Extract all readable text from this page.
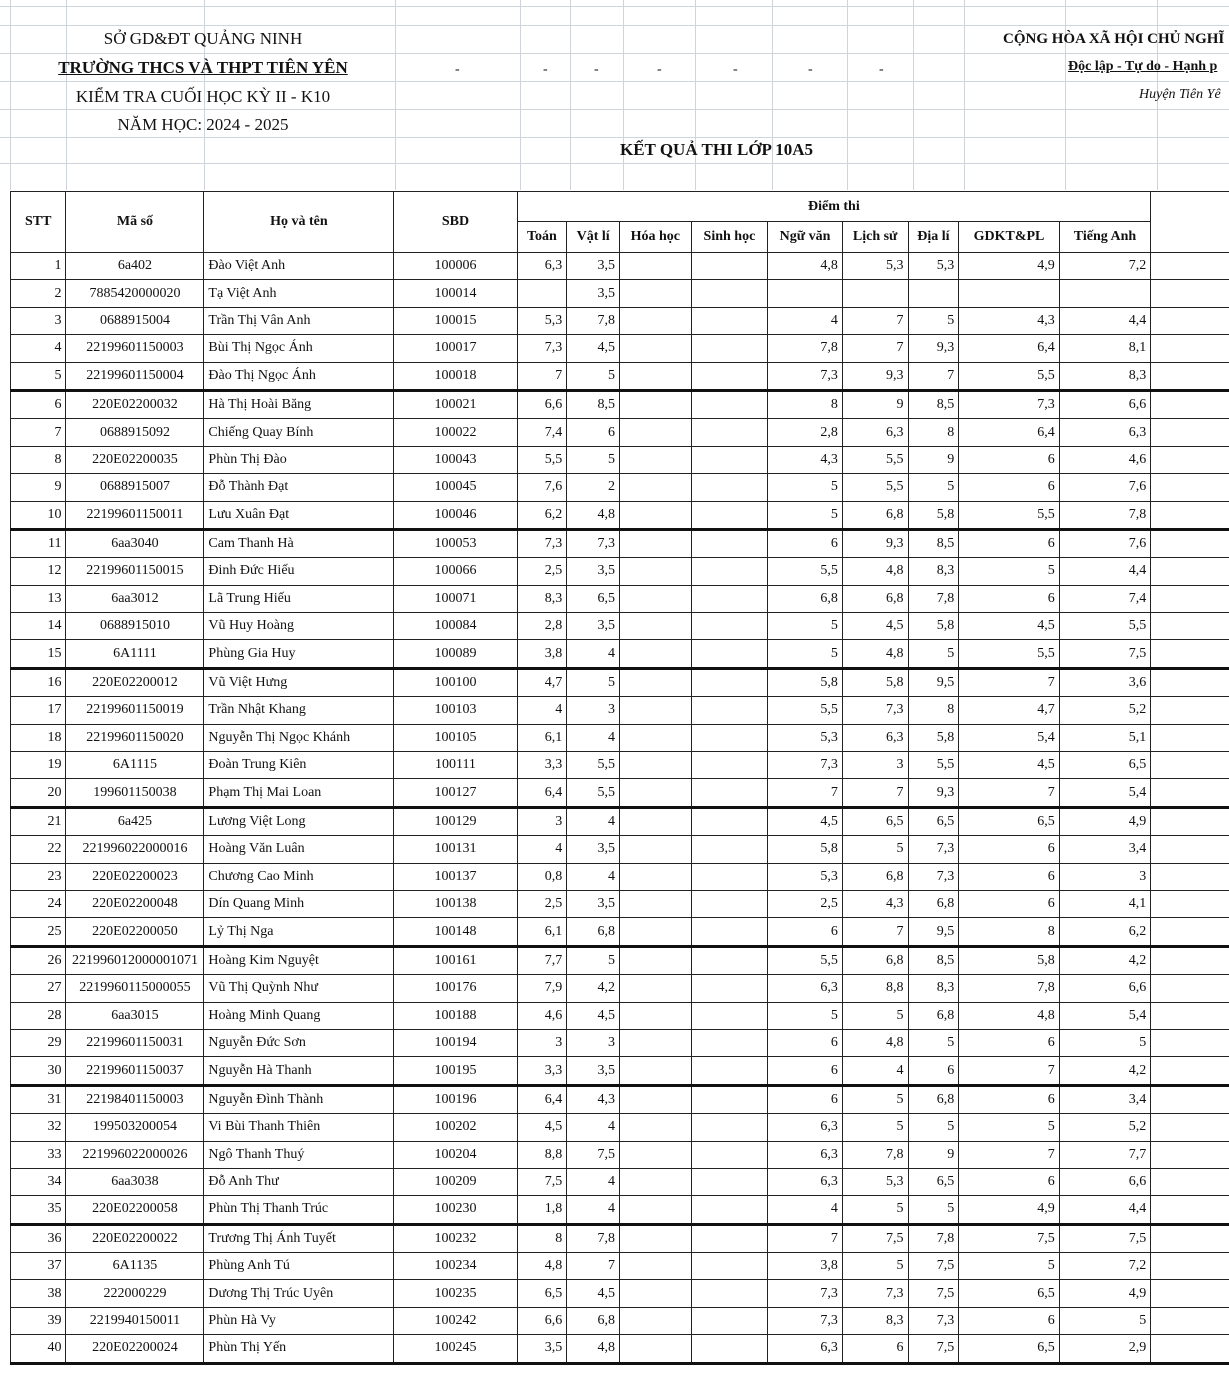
SỞ GD&ĐT QUẢNG NINH
TRƯỜNG THCS VÀ THPT TIÊN YÊN
KIỂM TRA CUỐI HỌC KỲ II - K10
NĂM HỌC: 2024 - 2025
CỘNG HÒA XÃ HỘI CHỦ NGHĨ
Độc lập - Tự do - Hạnh p
Huyện Tiên Yê
-	-	-	-	-	-	-
KẾT QUẢ THI LỚP 10A5
STT	Mã số	Họ và tên	SBD	Điểm thi									
				Toán	Vật lí	Hóa học	Sinh học	Ngữ văn	Lịch sử	Địa lí	GDKT&PL	Tiếng Anh	
1	6a402	Đào Việt Anh	100006	6,3	3,5			4,8	5,3	5,3	4,9	7,2	
2	7885420000020	Tạ Việt Anh	100014		3,5								
3	0688915004	Trần Thị Vân Anh	100015	5,3	7,8			4	7	5	4,3	4,4	
4	22199601150003	Bùi Thị Ngọc Ánh	100017	7,3	4,5			7,8	7	9,3	6,4	8,1	
5	22199601150004	Đào Thị Ngọc Ánh	100018	7	5			7,3	9,3	7	5,5	8,3	
6	220E02200032	Hà Thị Hoài Băng	100021	6,6	8,5			8	9	8,5	7,3	6,6	
7	0688915092	Chiếng Quay Bính	100022	7,4	6			2,8	6,3	8	6,4	6,3	
8	220E02200035	Phùn Thị Đào	100043	5,5	5			4,3	5,5	9	6	4,6	
9	0688915007	Đỗ Thành Đạt	100045	7,6	2			5	5,5	5	6	7,6	
10	22199601150011	Lưu Xuân Đạt	100046	6,2	4,8			5	6,8	5,8	5,5	7,8	
11	6aa3040	Cam Thanh Hà	100053	7,3	7,3			6	9,3	8,5	6	7,6	
12	22199601150015	Đinh Đức Hiếu	100066	2,5	3,5			5,5	4,8	8,3	5	4,4	
13	6aa3012	Lã Trung Hiếu	100071	8,3	6,5			6,8	6,8	7,8	6	7,4	
14	0688915010	Vũ Huy Hoàng	100084	2,8	3,5			5	4,5	5,8	4,5	5,5	
15	6A1111	Phùng Gia Huy	100089	3,8	4			5	4,8	5	5,5	7,5	
16	220E02200012	Vũ Việt Hưng	100100	4,7	5			5,8	5,8	9,5	7	3,6	
17	22199601150019	Trần Nhật Khang	100103	4	3			5,5	7,3	8	4,7	5,2	
18	22199601150020	Nguyễn Thị Ngọc Khánh	100105	6,1	4			5,3	6,3	5,8	5,4	5,1	
19	6A1115	Đoàn Trung Kiên	100111	3,3	5,5			7,3	3	5,5	4,5	6,5	
20	199601150038	Phạm Thị Mai Loan	100127	6,4	5,5			7	7	9,3	7	5,4	
21	6a425	Lương Việt Long	100129	3	4			4,5	6,5	6,5	6,5	4,9	
22	221996022000016	Hoàng Văn Luân	100131	4	3,5			5,8	5	7,3	6	3,4	
23	220E02200023	Chương Cao Minh	100137	0,8	4			5,3	6,8	7,3	6	3	
24	220E02200048	Dín Quang Minh	100138	2,5	3,5			2,5	4,3	6,8	6	4,1	
25	220E02200050	Lỷ Thị Nga	100148	6,1	6,8			6	7	9,5	8	6,2	
26	221996012000001071	Hoàng Kim Nguyệt	100161	7,7	5			5,5	6,8	8,5	5,8	4,2	
27	2219960115000055	Vũ Thị Quỳnh Như	100176	7,9	4,2			6,3	8,8	8,3	7,8	6,6	
28	6aa3015	Hoàng Minh Quang	100188	4,6	4,5			5	5	6,8	4,8	5,4	
29	22199601150031	Nguyễn Đức Sơn	100194	3	3			6	4,8	5	6	5	
30	22199601150037	Nguyễn Hà Thanh	100195	3,3	3,5			6	4	6	7	4,2	
31	22198401150003	Nguyễn Đình Thành	100196	6,4	4,3			6	5	6,8	6	3,4	
32	199503200054	Vi Bùi Thanh Thiên	100202	4,5	4			6,3	5	5	5	5,2	
33	221996022000026	Ngô Thanh Thuý	100204	8,8	7,5			6,3	7,8	9	7	7,7	
34	6aa3038	Đỗ Anh Thư	100209	7,5	4			6,3	5,3	6,5	6	6,6	
35	220E02200058	Phùn Thị Thanh Trúc	100230	1,8	4			4	5	5	4,9	4,4	
36	220E02200022	Trương Thị Ánh Tuyết	100232	8	7,8			7	7,5	7,8	7,5	7,5	
37	6A1135	Phùng Anh Tú	100234	4,8	7			3,8	5	7,5	5	7,2	
38	222000229	Dương Thị Trúc Uyên	100235	6,5	4,5			7,3	7,3	7,5	6,5	4,9	
39	2219940150011	Phùn Hà Vy	100242	6,6	6,8			7,3	8,3	7,3	6	5	
40	220E02200024	Phùn Thị Yến	100245	3,5	4,8			6,3	6	7,5	6,5	2,9	
